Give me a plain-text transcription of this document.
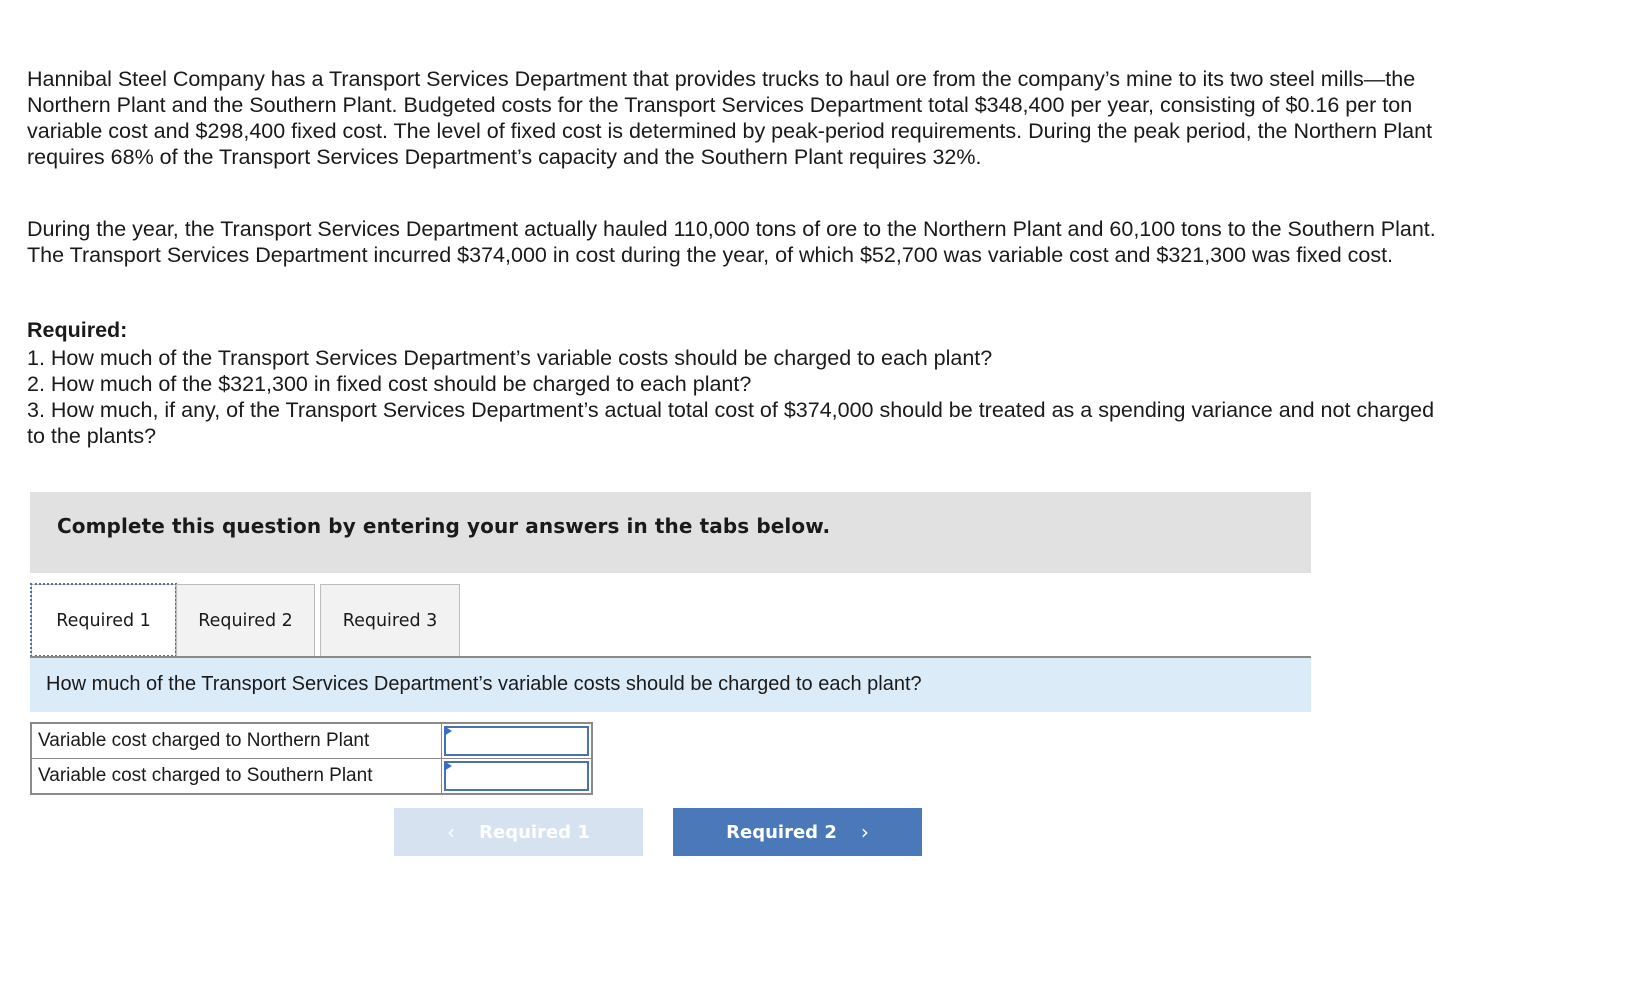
Hannibal Steel Company has a Transport Services Department that provides trucks to haul ore from the company’s mine to its two steel mills—the Northern Plant and the Southern Plant. Budgeted costs for the Transport Services Department total $348,400 per year, consisting of $0.16 per ton variable cost and $298,400 fixed cost. The level of fixed cost is determined by peak-period requirements. During the peak period, the Northern Plant requires 68% of the Transport Services Department’s capacity and the Southern Plant requires 32%.

During the year, the Transport Services Department actually hauled 110,000 tons of ore to the Northern Plant and 60,100 tons to the Southern Plant. The Transport Services Department incurred $374,000 in cost during the year, of which $52,700 was variable cost and $321,300 was fixed cost.

Required:
1. How much of the Transport Services Department’s variable costs should be charged to each plant?
2. How much of the $321,300 in fixed cost should be charged to each plant?
3. How much, if any, of the Transport Services Department’s actual total cost of $374,000 should be treated as a spending variance and not charged to the plants?
Complete this question by entering your answers in the tabs below.
Required 1	Required 2	Required 3
How much of the Transport Services Department’s variable costs should be charged to each plant?
Variable cost charged to Northern Plant
Variable cost charged to Southern Plant
‹ Required 1	Required 2 ›
